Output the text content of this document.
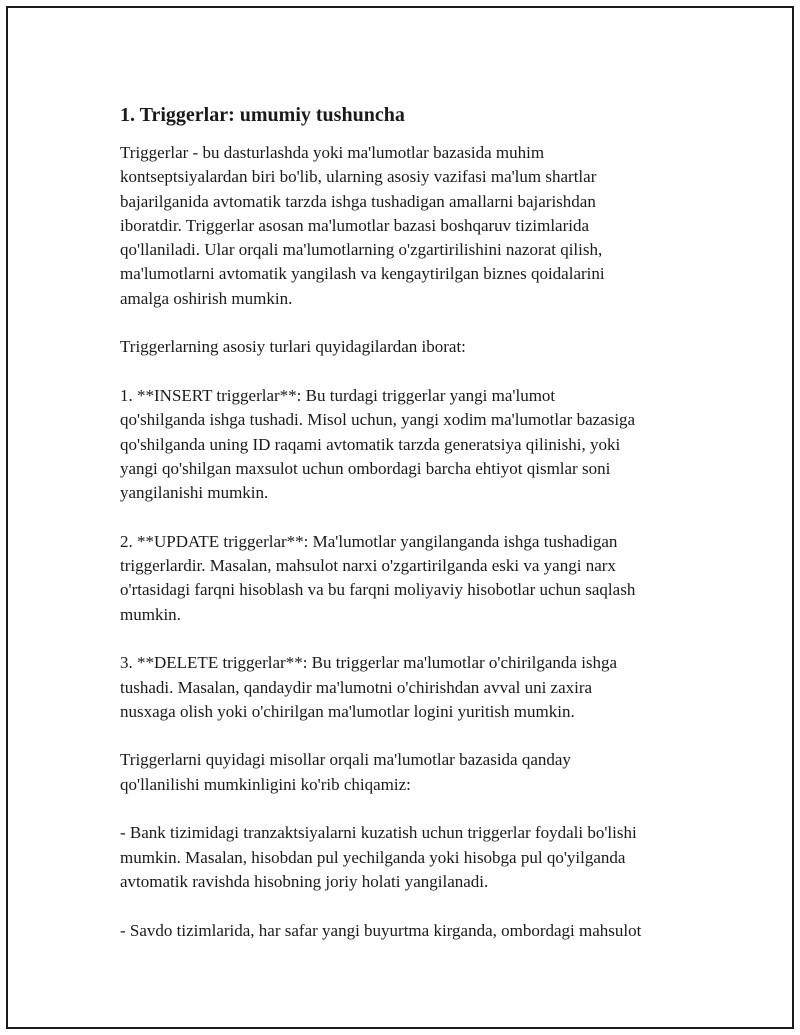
1. Triggerlar: umumiy tushuncha

Triggerlar - bu dasturlashda yoki ma'lumotlar bazasida muhim
kontseptsiyalardan biri bo'lib, ularning asosiy vazifasi ma'lum shartlar
bajarilganida avtomatik tarzda ishga tushadigan amallarni bajarishdan
iboratdir. Triggerlar asosan ma'lumotlar bazasi boshqaruv tizimlarida
qo'llaniladi. Ular orqali ma'lumotlarning o'zgartirilishini nazorat qilish,
ma'lumotlarni avtomatik yangilash va kengaytirilgan biznes qoidalarini
amalga oshirish mumkin.

Triggerlarning asosiy turlari quyidagilardan iborat:

1. **INSERT triggerlar**: Bu turdagi triggerlar yangi ma'lumot
qo'shilganda ishga tushadi. Misol uchun, yangi xodim ma'lumotlar bazasiga
qo'shilganda uning ID raqami avtomatik tarzda generatsiya qilinishi, yoki
yangi qo'shilgan maxsulot uchun ombordagi barcha ehtiyot qismlar soni
yangilanishi mumkin.

2. **UPDATE triggerlar**: Ma'lumotlar yangilanganda ishga tushadigan
triggerlardir. Masalan, mahsulot narxi o'zgartirilganda eski va yangi narx
o'rtasidagi farqni hisoblash va bu farqni moliyaviy hisobotlar uchun saqlash
mumkin.

3. **DELETE triggerlar**: Bu triggerlar ma'lumotlar o'chirilganda ishga
tushadi. Masalan, qandaydir ma'lumotni o'chirishdan avval uni zaxira
nusxaga olish yoki o'chirilgan ma'lumotlar logini yuritish mumkin.

Triggerlarni quyidagi misollar orqali ma'lumotlar bazasida qanday
qo'llanilishi mumkinligini ko'rib chiqamiz:

- Bank tizimidagi tranzaktsiyalarni kuzatish uchun triggerlar foydali bo'lishi
mumkin. Masalan, hisobdan pul yechilganda yoki hisobga pul qo'yilganda
avtomatik ravishda hisobning joriy holati yangilanadi.

- Savdo tizimlarida, har safar yangi buyurtma kirganda, ombordagi mahsulot
